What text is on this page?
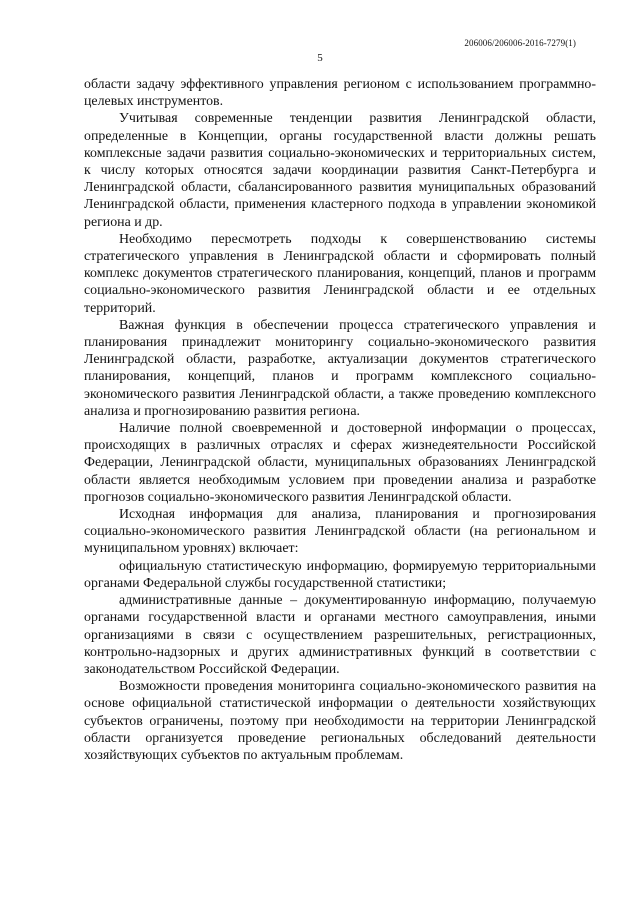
206006/206006-2016-7279(1)
5

области задачу эффективного управления регионом с использованием программно-целевых инструментов.

Учитывая современные тенденции развития Ленинградской области, определенные в Концепции, органы государственной власти должны решать комплексные задачи развития социально-экономических и территориальных систем, к числу которых относятся задачи координации развития Санкт-Петербурга и Ленинградской области, сбалансированного развития муниципальных образований Ленинградской области, применения кластерного подхода в управлении экономикой региона и др.

Необходимо пересмотреть подходы к совершенствованию системы стратегического управления в Ленинградской области и сформировать полный комплекс документов стратегического планирования, концепций, планов и программ социально-экономического развития Ленинградской области и ее отдельных территорий.

Важная функция в обеспечении процесса стратегического управления и планирования принадлежит мониторингу социально-экономического развития Ленинградской области, разработке, актуализации документов стратегического планирования, концепций, планов и программ комплексного социально-экономического развития Ленинградской области, а также проведению комплексного анализа и прогнозированию развития региона.

Наличие полной своевременной и достоверной информации о процессах, происходящих в различных отраслях и сферах жизнедеятельности Российской Федерации, Ленинградской области, муниципальных образованиях Ленинградской области является необходимым условием при проведении анализа и разработке прогнозов социально-экономического развития Ленинградской области.

Исходная информация для анализа, планирования и прогнозирования социально-экономического развития Ленинградской области (на региональном и муниципальном уровнях) включает:

официальную статистическую информацию, формируемую территориальными органами Федеральной службы государственной статистики;

административные данные – документированную информацию, получаемую органами государственной власти и органами местного самоуправления, иными организациями в связи с осуществлением разрешительных, регистрационных, контрольно-надзорных и других административных функций в соответствии с законодательством Российской Федерации.

Возможности проведения мониторинга социально-экономического развития на основе официальной статистической информации о деятельности хозяйствующих субъектов ограничены, поэтому при необходимости на территории Ленинградской области организуется проведение региональных обследований деятельности хозяйствующих субъектов по актуальным проблемам.
